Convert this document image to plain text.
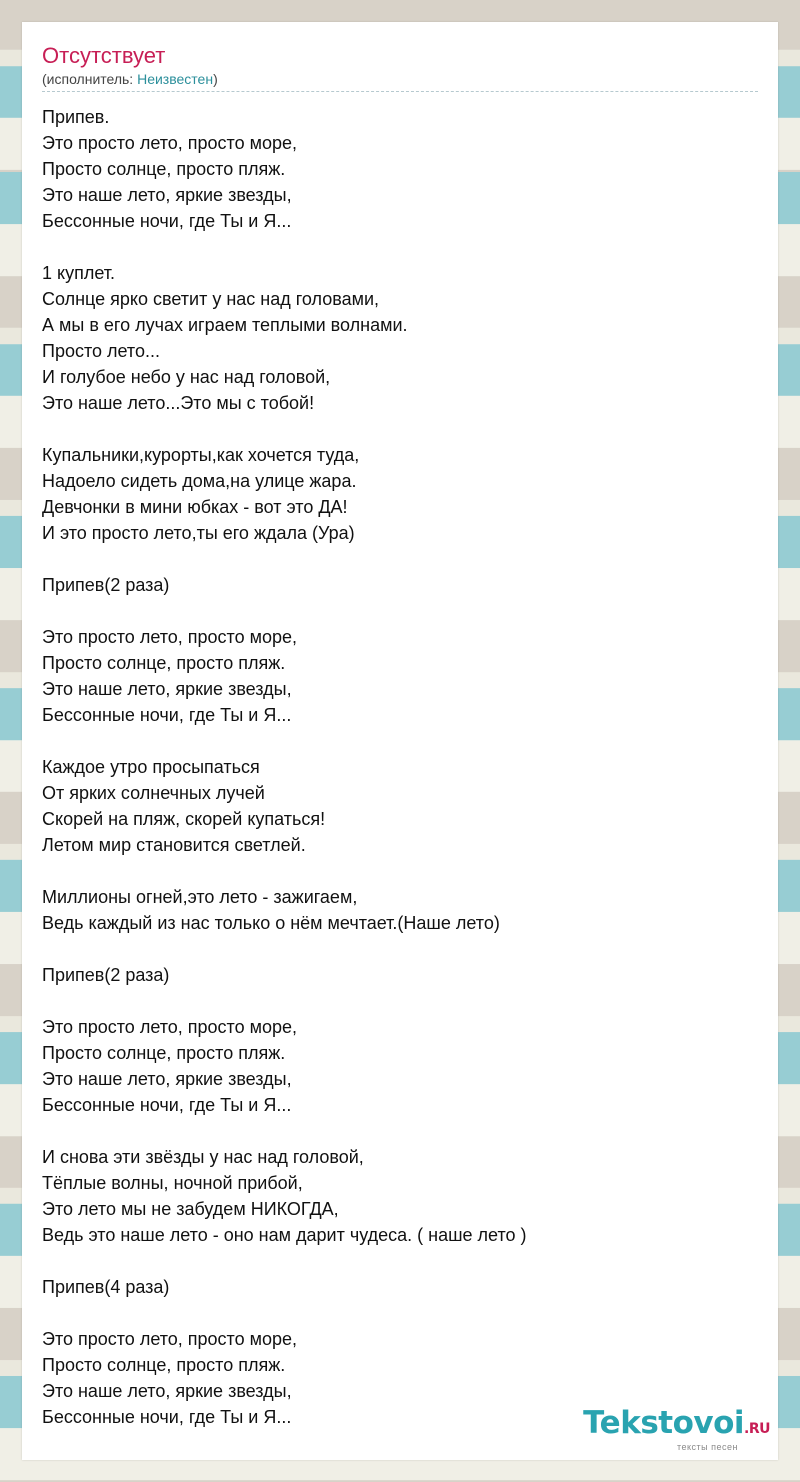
Отсутствует
(исполнитель: Неизвестен)
Припев.
Это просто лето, просто море,
Просто солнце, просто пляж.
Это наше лето, яркие звезды,
Бессонные ночи, где Ты и Я...
1 куплет.
Солнце ярко светит у нас над головами,
А мы в его лучах играем теплыми волнами.
Просто лето...
И голубое небо у нас над головой,
Это наше лето...Это мы с тобой!
Купальники,курорты,как хочется туда,
Надоело сидеть дома,на улице жара.
Девчонки в мини юбках - вот это ДА!
И это просто лето,ты его ждала (Ура)
Припев(2 раза)
Это просто лето, просто море,
Просто солнце, просто пляж.
Это наше лето, яркие звезды,
Бессонные ночи, где Ты и Я...
Каждое утро просыпаться
От ярких солнечных лучей
Скорей на пляж, скорей купаться!
Летом мир становится светлей.
Миллионы огней,это лето - зажигаем,
Ведь каждый из нас только о нём мечтает.(Наше лето)
Припев(2 раза)
Это просто лето, просто море,
Просто солнце, просто пляж.
Это наше лето, яркие звезды,
Бессонные ночи, где Ты и Я...
И снова эти звёзды у нас над головой,
Тёплые волны, ночной прибой,
Это лето мы не забудем НИКОГДА,
Ведь это наше лето - оно нам дарит чудеса. ( наше лето )
Припев(4 раза)
Это просто лето, просто море,
Просто солнце, просто пляж.
Это наше лето, яркие звезды,
Бессонные ночи, где Ты и Я...	Tekstovoi.RU
тексты песен
